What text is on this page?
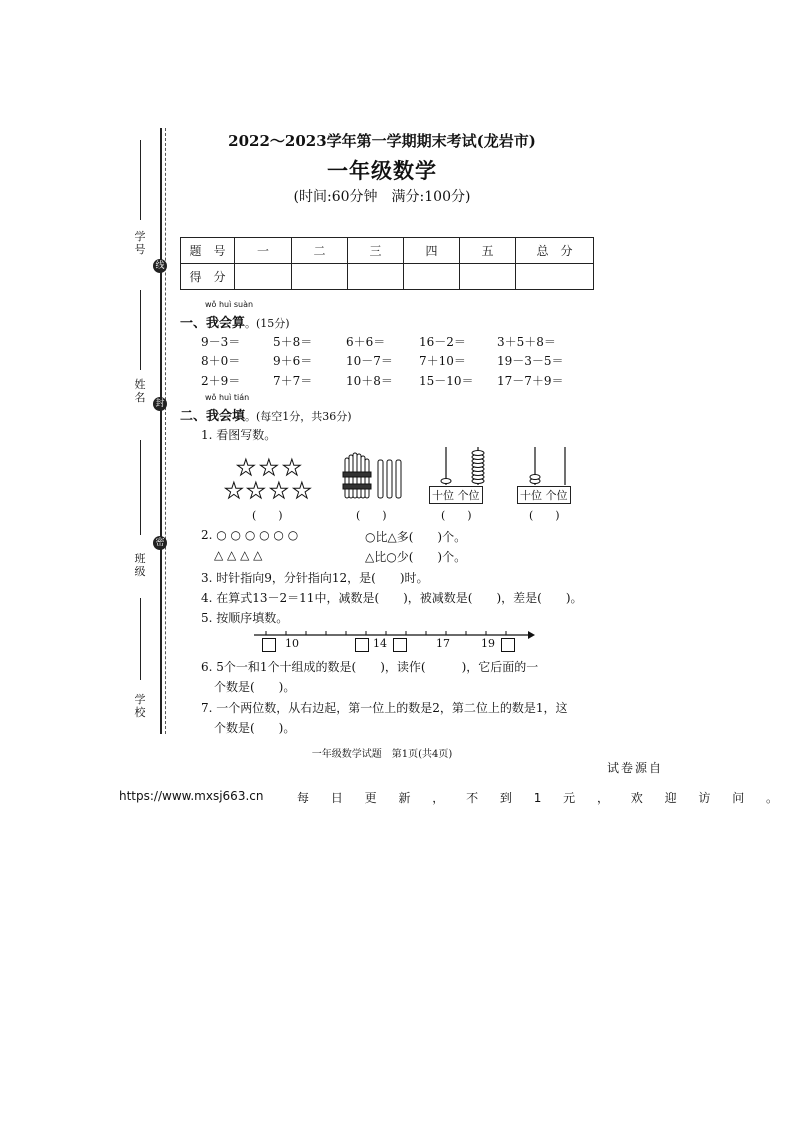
学号
姓名
班级
学校
线
封
密
2022～2023学年第一学期期末考试(龙岩市)
一年级数学
(时间:60分钟　满分:100分)
题　号	一	二	三	四	五	总　分
得　分						
wǒ huì suàn
一、我会算。(15分)
9－3＝	5＋8＝	6＋6＝	16－2＝	3＋5＋8＝
8＋0＝	9＋6＝	10－7＝ 7＋10＝	19－3－5＝
2＋9＝	7＋7＝	10＋8＝ 15－10＝ 17－7＋9＝
wǒ huì tián
二、我会填。(每空1分，共36分)
1. 看图写数。
★ ★ ★
★ ★ ★ ★
(　　)	(　　)
十位 个位
(　　)
十位 个位
(　　)
2. ○ ○ ○ ○ ○ ○
△ △ △ △
○比△多(　　)个。
△比○少(　　)个。
3. 时针指向9，分针指向12，是(　　)时。
4. 在算式13－2＝11中，减数是(　　)，被减数是(　　)，差是(　　)。
5. 按顺序填数。
10	14	17	19
6. 5个一和1个十组成的数是(　　)，读作(　　　)，它后面的一
个数是(　　)。
7. 一个两位数，从右边起，第一位上的数是2，第二位上的数是1，这
个数是(　　)。
一年级数学试题　第1页(共4页)
试卷源自
https://www.mxsj663.cn	每 日 更 新 ， 不 到 1 元 ， 欢 迎 访 问 。
